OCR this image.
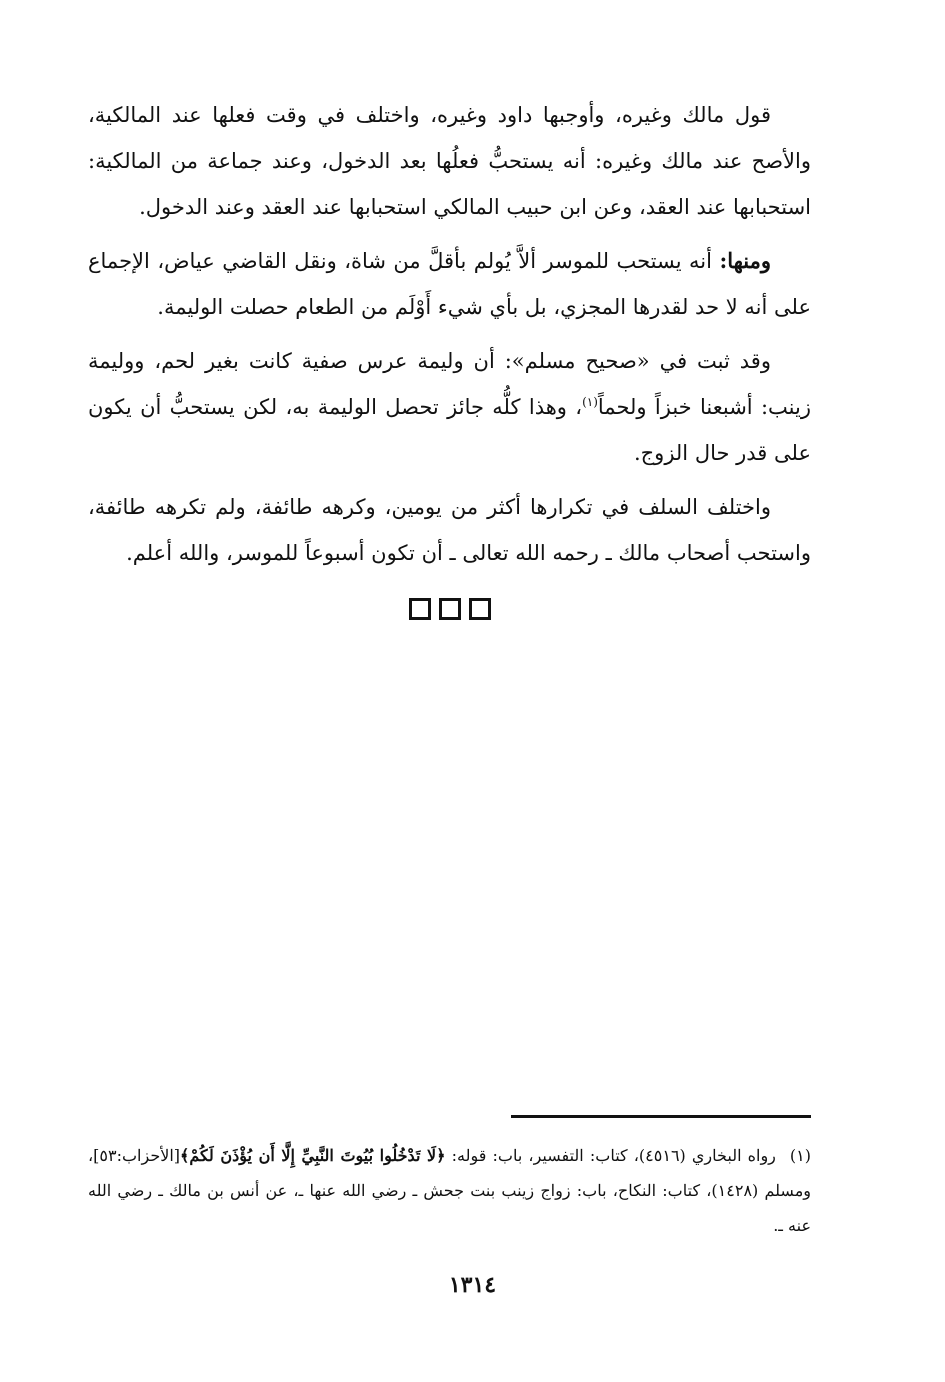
قول مالك وغيره، وأوجبها داود وغيره، واختلف في وقت فعلها عند المالكية، والأصح عند مالك وغيره: أنه يستحبُّ فعلُها بعد الدخول، وعند جماعة من المالكية: استحبابها عند العقد، وعن ابن حبيب المالكي استحبابها عند العقد وعند الدخول.

ومنها: أنه يستحب للموسر ألاَّ يُولم بأقلَّ من شاة، ونقل القاضي عياض، الإجماع على أنه لا حد لقدرها المجزي، بل بأي شيء أَوْلَم من الطعام حصلت الوليمة.

وقد ثبت في «صحيح مسلم»: أن وليمة عرس صفية كانت بغير لحم، ووليمة زينب: أشبعنا خبزاً ولحماً$^{(١)}$، وهذا كلُّه جائز تحصل الوليمة به، لكن يستحبُّ أن يكون على قدر حال الزوج.

واختلف السلف في تكرارها أكثر من يومين، وكرهه طائفة، ولم تكرهه طائفة، واستحب أصحاب مالك ـ رحمه الله تعالى ـ أن تكون أسبوعاً للموسر، والله أعلم.

(١)رواه البخاري (٤٥١٦)، كتاب: التفسير، باب: قوله: ﴿لَا تَدْخُلُوا بُيُوتَ النَّبِيِّ إِلَّا أَن يُؤْذَنَ لَكُمْ﴾[الأحزاب:٥٣]، ومسلم (١٤٢٨)، كتاب: النكاح، باب: زواج زينب بنت جحش ـ رضي الله عنها ـ، عن أنس بن مالك ـ رضي الله عنه ـ.
١٣١٤
